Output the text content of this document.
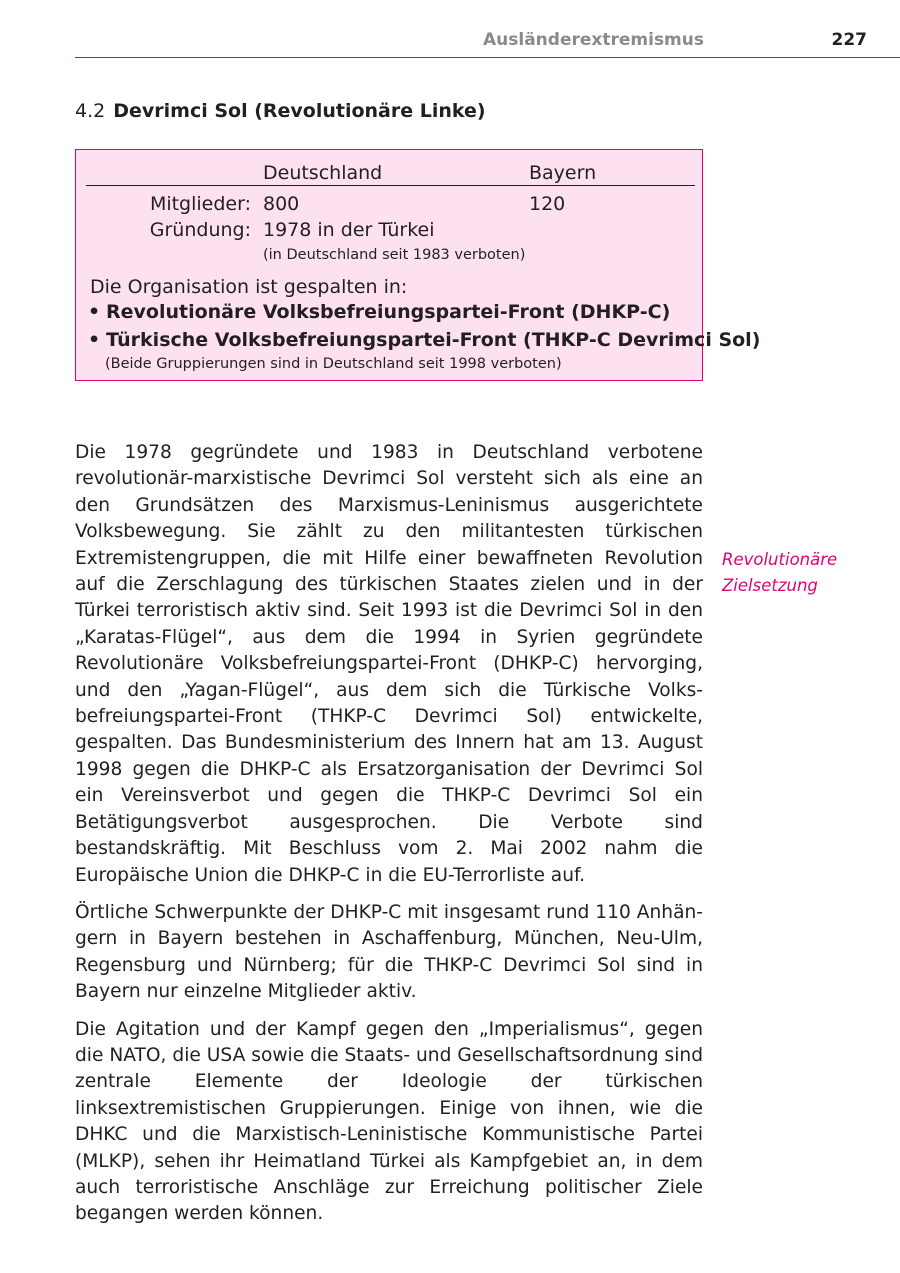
Ausländerextremismus	227
4.2 Devrimci Sol (Revolutionäre Linke)
Deutschland	Bayern
Mitglieder: 800	120
Gründung: 1978 in der Türkei
(in Deutschland seit 1983 verboten)
Die Organisation ist gespalten in:
• Revolutionäre Volksbefreiungspartei-Front (DHKP-C)
• Türkische Volksbefreiungspartei-Front (THKP-C Devrimci Sol)
(Beide Gruppierungen sind in Deutschland seit 1998 verboten)
Revolutionäre
Zielsetzung

Die 1978 gegründete und 1983 in Deutschland verbotene revolutionär-marxistische Devrimci Sol versteht sich als eine an den Grundsätzen des Marxismus-Leninismus ausgerichtete Volksbewegung. Sie zählt zu den militantesten türkischen Extremistengruppen, die mit Hilfe einer bewaffneten Revolution auf die Zerschlagung des türkischen Staates zielen und in der Türkei terroristisch aktiv sind. Seit 1993 ist die Devrimci Sol in den „Karatas-Flügel“, aus dem die 1994 in Syrien gegründete Revolutionäre Volksbefreiungspartei-Front (DHKP-C) hervorging, und den „Yagan-Flügel“, aus dem sich die Türkische Volksbefreiungspartei-Front (THKP-C Devrimci Sol) entwickelte, gespalten. Das Bundesministerium des Innern hat am 13. August 1998 gegen die DHKP-C als Ersatzorganisation der Devrimci Sol ein Vereinsverbot und gegen die THKP-C Devrimci Sol ein Betätigungsverbot ausgesprochen. Die Verbote sind bestandskräftig. Mit Beschluss vom 2. Mai 2002 nahm die Europäische Union die DHKP-C in die EU-Terrorliste auf.

Örtliche Schwerpunkte der DHKP-C mit insgesamt rund 110 Anhängern in Bayern bestehen in Aschaffenburg, München, Neu-Ulm, Regensburg und Nürnberg; für die THKP-C Devrimci Sol sind in Bayern nur einzelne Mitglieder aktiv.

Die Agitation und der Kampf gegen den „Imperialismus“, gegen die NATO, die USA sowie die Staats- und Gesellschaftsordnung sind zentrale Elemente der Ideologie der türkischen linksextremistischen Gruppierungen. Einige von ihnen, wie die DHKC und die Marxistisch-Leninistische Kommunistische Partei (MLKP), sehen ihr Heimatland Türkei als Kampfgebiet an, in dem auch terroristische Anschläge zur Erreichung politischer Ziele begangen werden können.
